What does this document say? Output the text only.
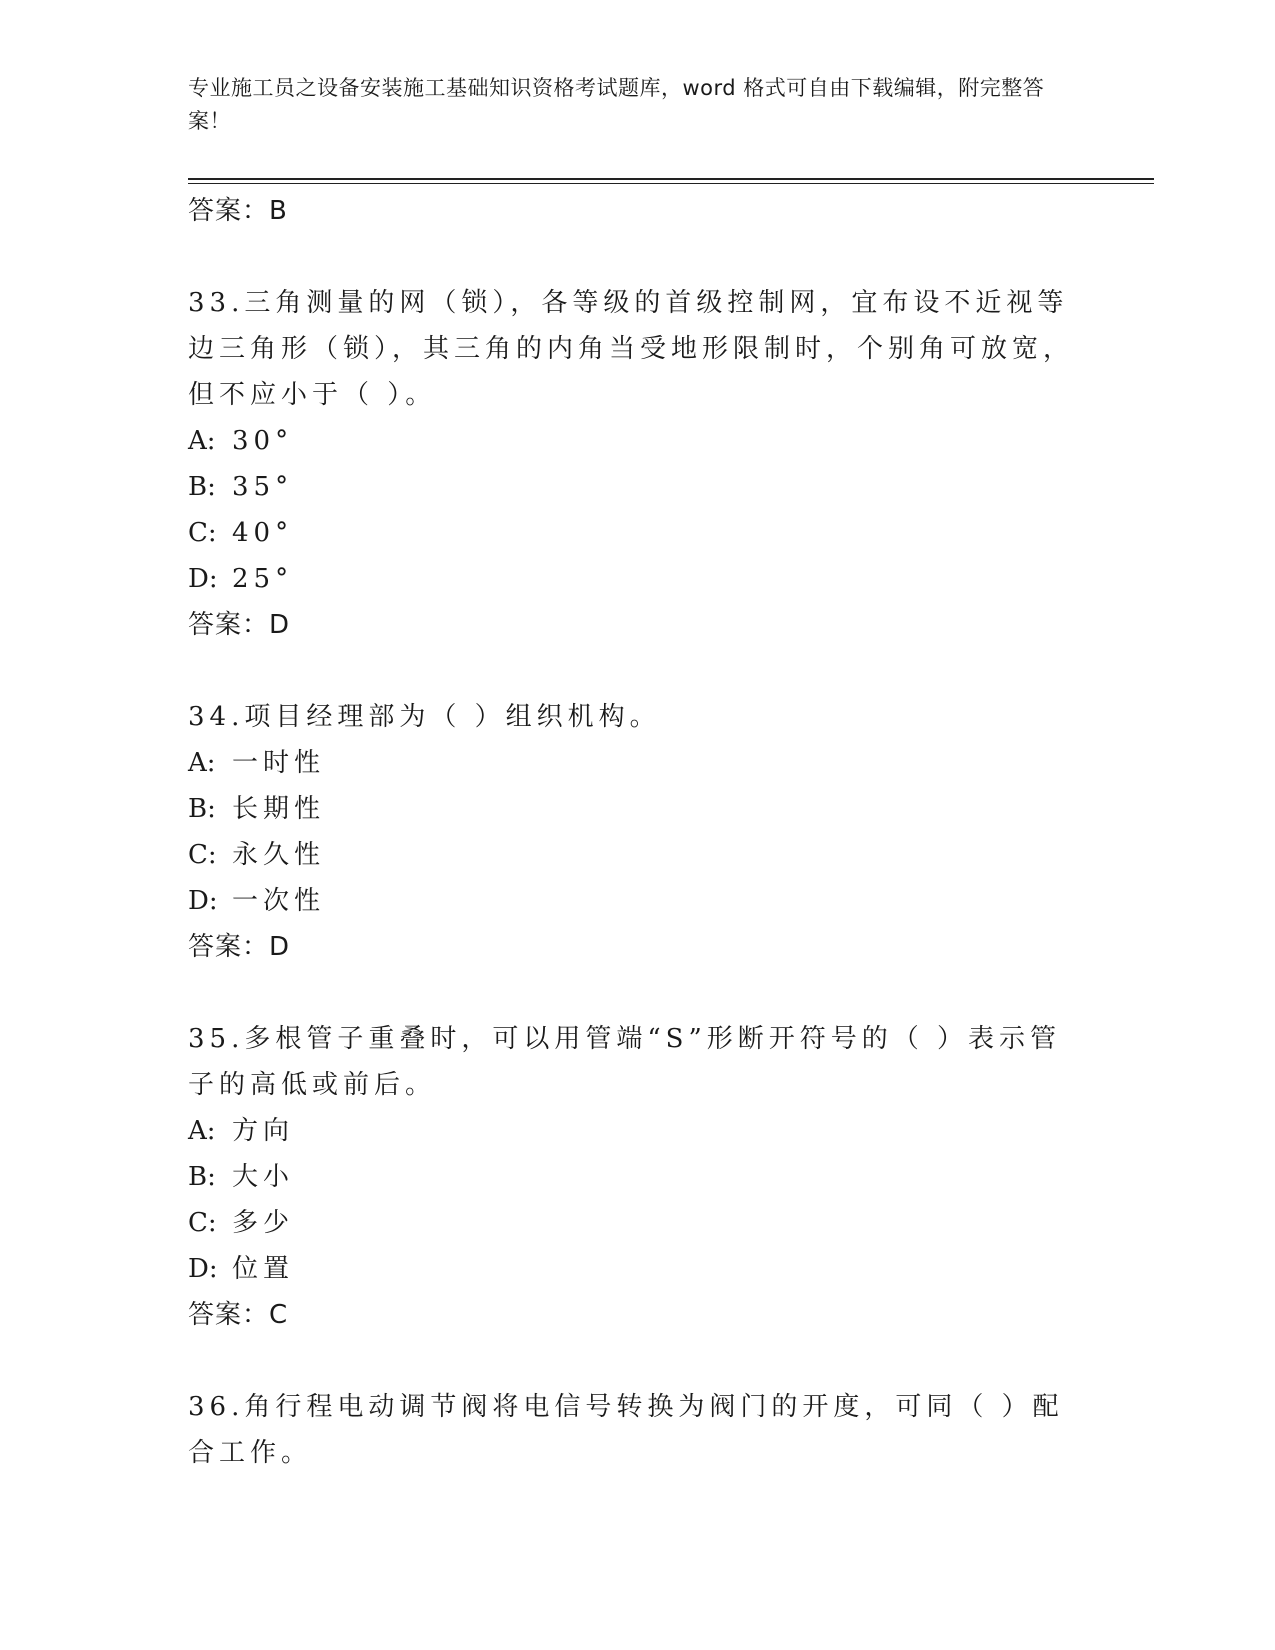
专业施工员之设备安装施工基础知识资格考试题库，word 格式可自由下载编辑，附完整答案！
答案：B
33.三角测量的网（锁），各等级的首级控制网，宜布设不近视等边三角形（锁），其三角的内角当受地形限制时，个别角可放宽，但不应小于（ ）。
A: 30°
B: 35°
C: 40°
D: 25°
答案：D
34.项目经理部为（ ）组织机构。
A: 一时性
B: 长期性
C: 永久性
D: 一次性
答案：D
35.多根管子重叠时，可以用管端“S”形断开符号的（ ）表示管子的高低或前后。
A: 方向
B: 大小
C: 多少
D: 位置
答案：C
36.角行程电动调节阀将电信号转换为阀门的开度，可同（ ）配合工作。
